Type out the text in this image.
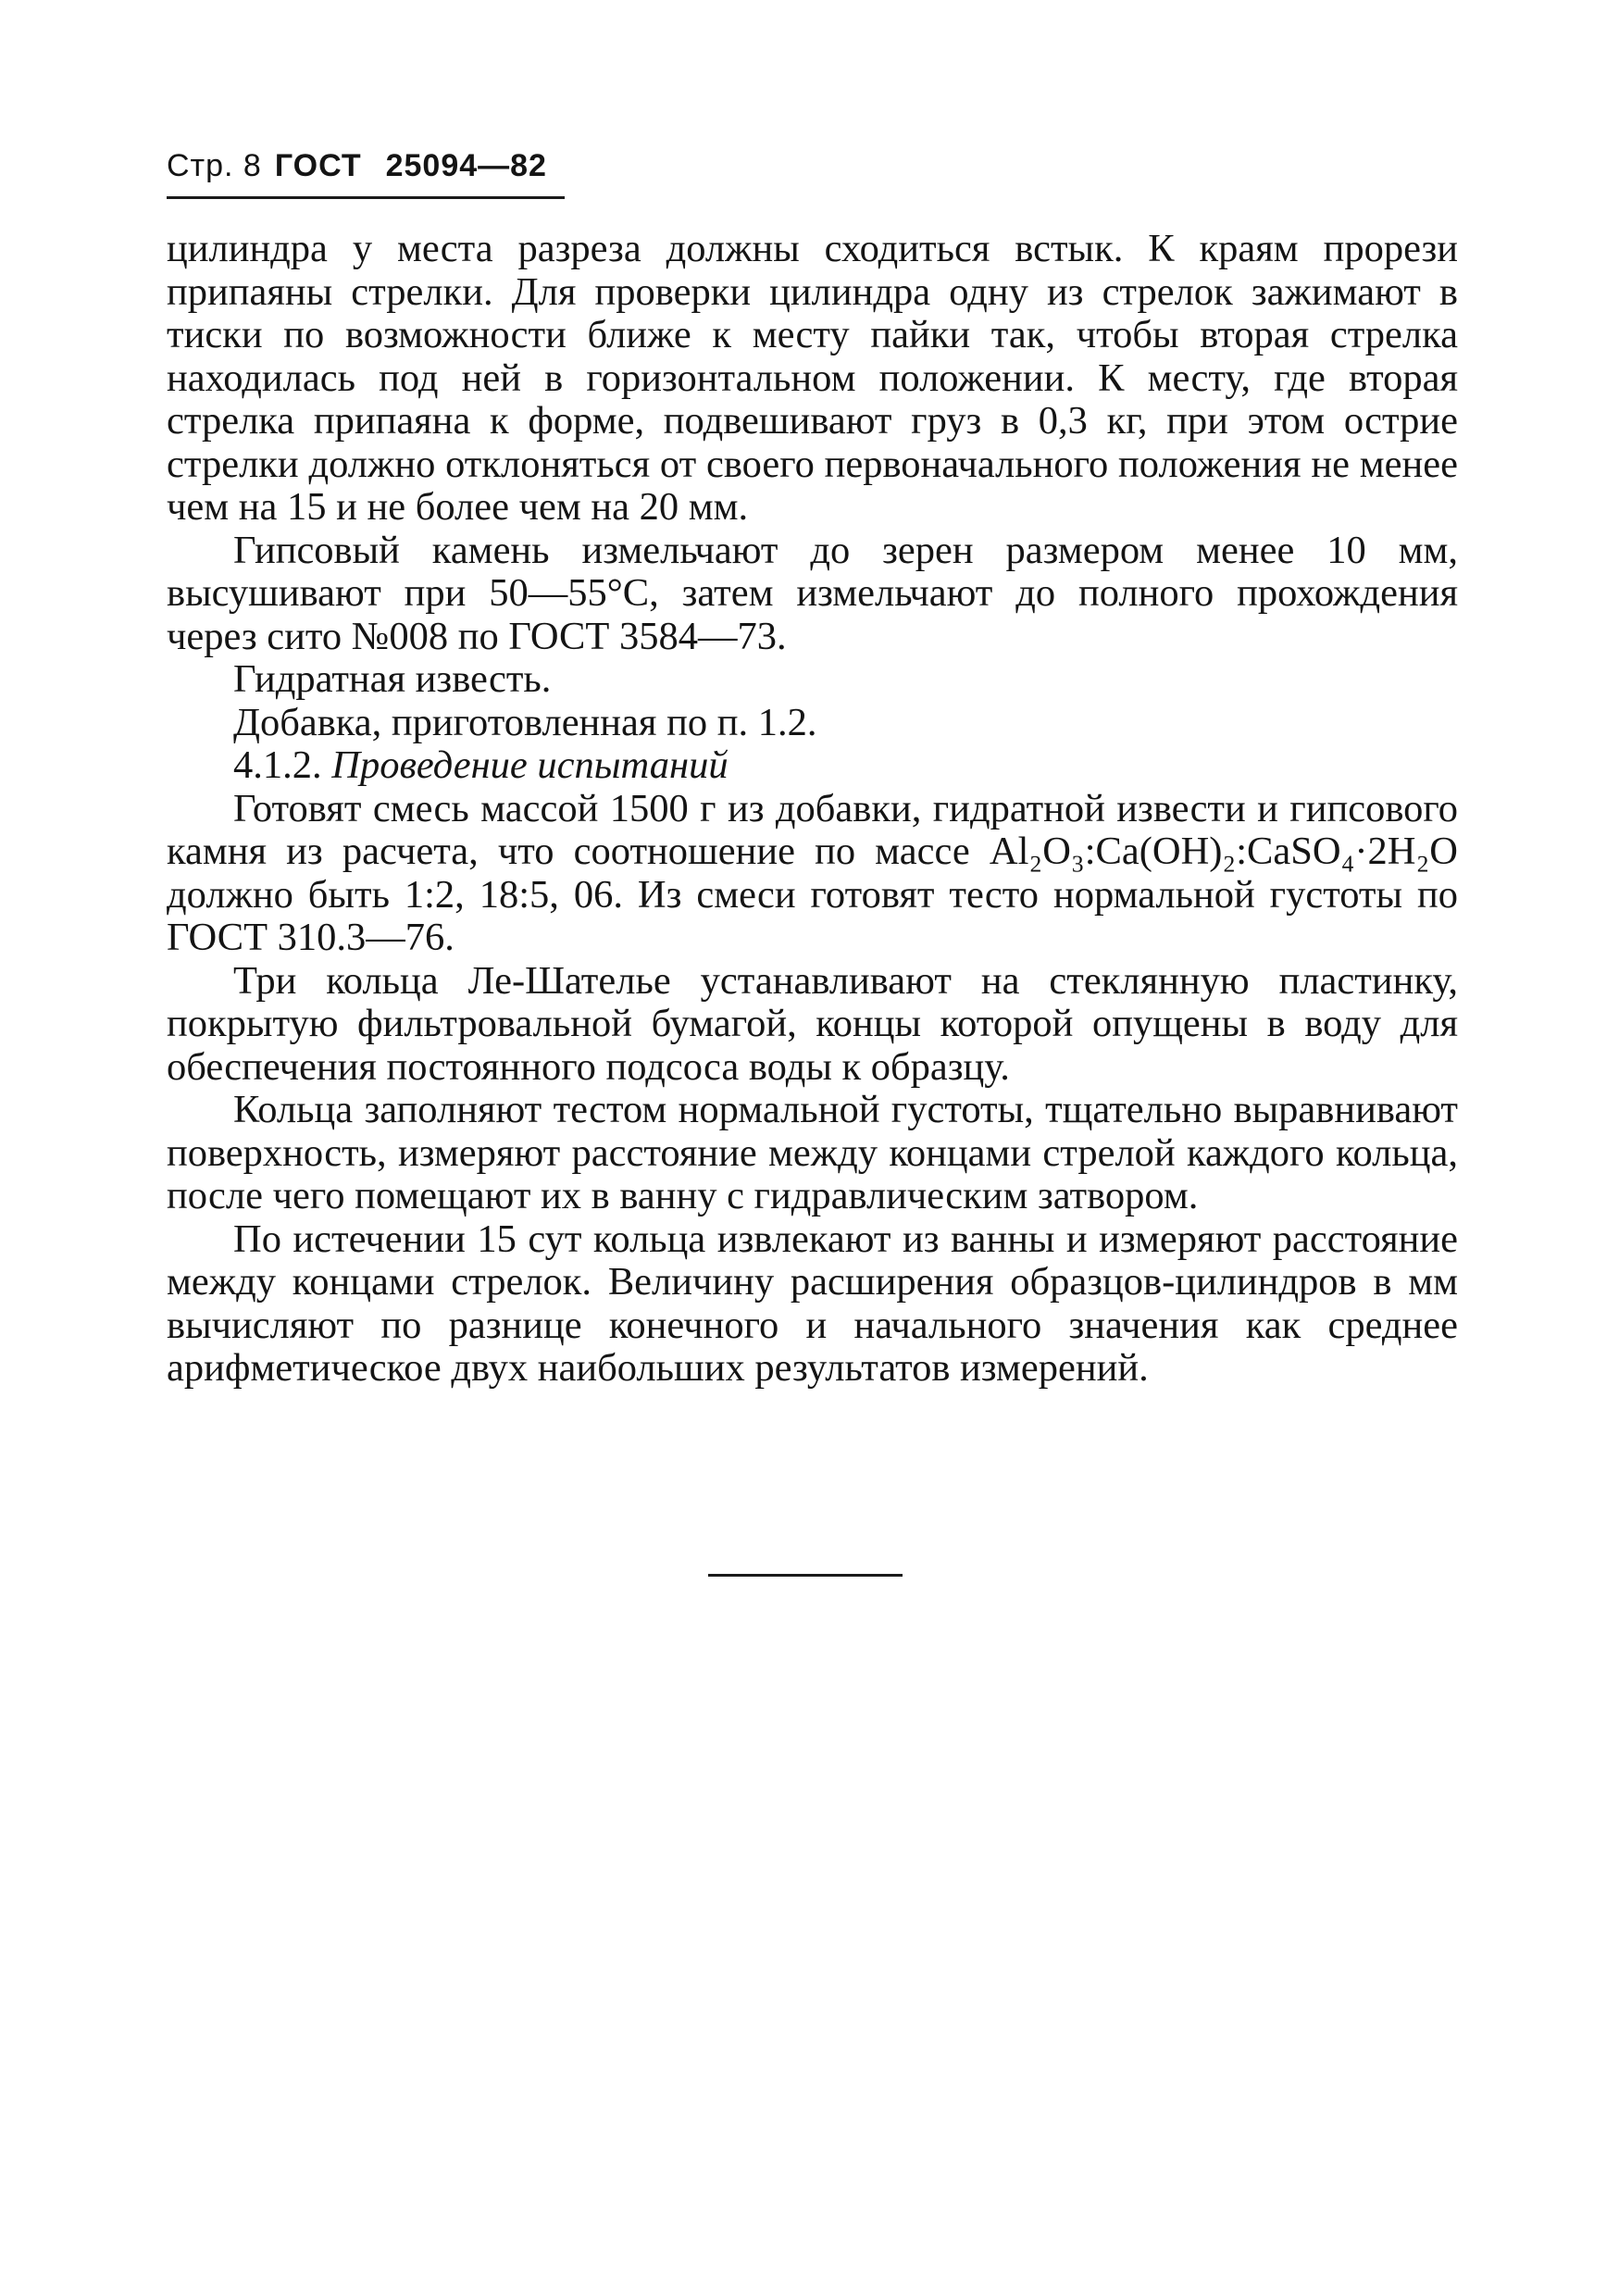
Стр. 8 ГОСТ 25094—82

цилиндра у места разреза должны сходиться встык. К краям прорези припаяны стрелки. Для проверки цилиндра одну из стрелок зажимают в тиски по возможности ближе к месту пайки так, чтобы вторая стрелка находилась под ней в горизонтальном положении. К месту, где вторая стрелка припаяна к форме, подвешивают груз в 0,3 кг, при этом острие стрелки должно отклоняться от своего первоначального положения не менее чем на 15 и не более чем на 20 мм.

Гипсовый камень измельчают до зерен размером менее 10 мм, высушивают при 50—55°С, затем измельчают до полного прохождения через сито №008 по ГОСТ 3584—73.

Гидратная известь.

Добавка, приготовленная по п. 1.2.

4.1.2. Проведение испытаний

Готовят смесь массой 1500 г из добавки, гидратной извести и гипсового камня из расчета, что соотношение по массе Al₂O₃:Ca(OH)₂:CaSO₄·2H₂O должно быть 1:2, 18:5, 06. Из смеси готовят тесто нормальной густоты по ГОСТ 310.3—76.

Три кольца Ле-Шателье устанавливают на стеклянную пластинку, покрытую фильтровальной бумагой, концы которой опущены в воду для обеспечения постоянного подсоса воды к образцу.

Кольца заполняют тестом нормальной густоты, тщательно выравнивают поверхность, измеряют расстояние между концами стрелой каждого кольца, после чего помещают их в ванну с гидравлическим затвором.

По истечении 15 сут кольца извлекают из ванны и измеряют расстояние между концами стрелок. Величину расширения образцов-цилиндров в мм вычисляют по разнице конечного и начального значения как среднее арифметическое двух наибольших результатов измерений.
